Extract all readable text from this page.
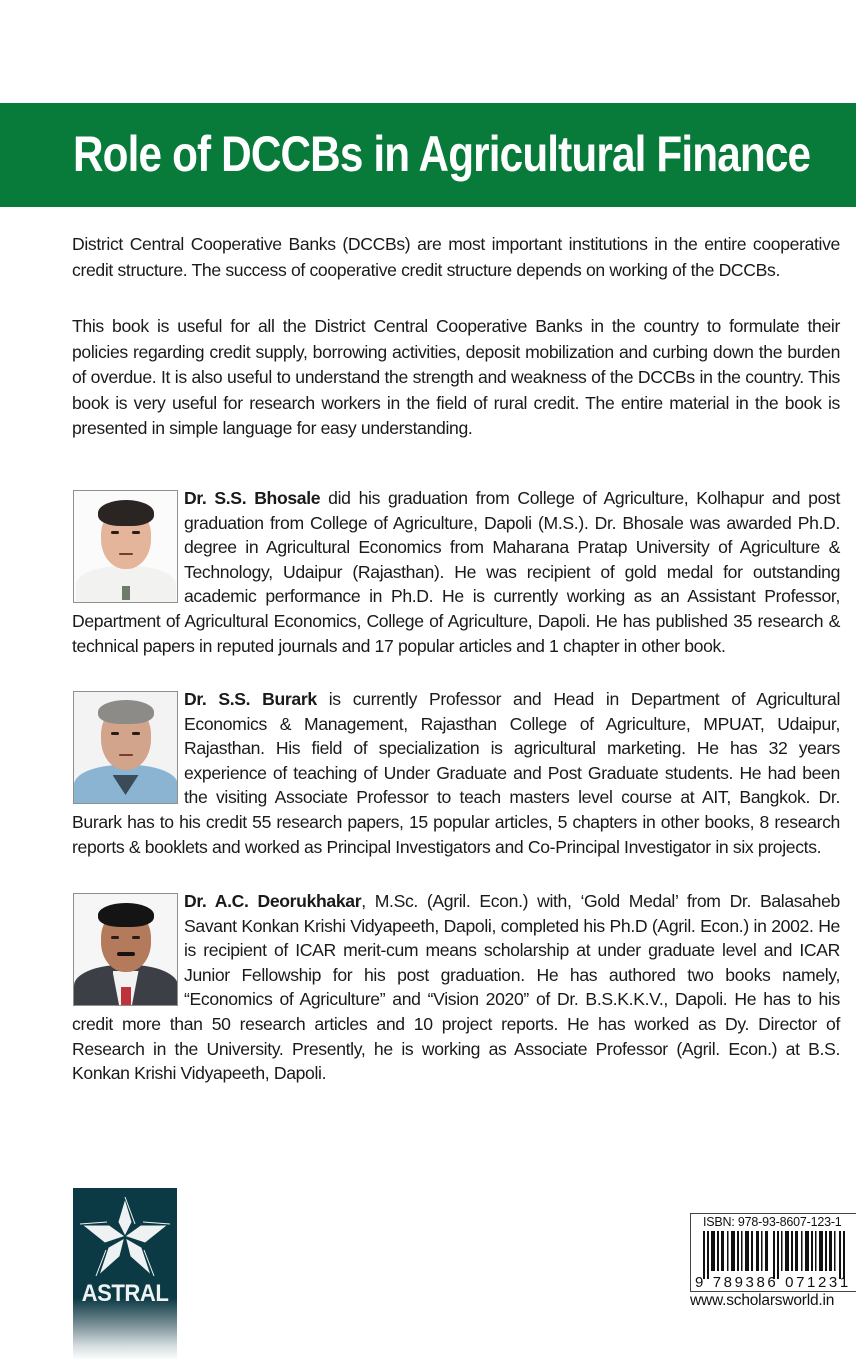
Role of DCCBs in Agricultural Finance

District Central Cooperative Banks (DCCBs) are most important institutions in the entire cooperative credit structure. The success of cooperative credit structure depends on working of the DCCBs.

This book is useful for all the District Central Cooperative Banks in the country to formulate their policies regarding credit supply, borrowing activities, deposit mobilization and curbing down the burden of overdue. It is also useful to understand the strength and weakness of the DCCBs in the country. This book is very useful for research workers in the field of rural credit. The entire material in the book is presented in simple language for easy understanding.

Dr. S.S. Bhosale did his graduation from College of Agriculture, Kolhapur and post graduation from College of Agriculture, Dapoli (M.S.). Dr. Bhosale was awarded Ph.D. degree in Agricultural Economics from Maharana Pratap University of Agriculture & Technology, Udaipur (Rajasthan). He was recipient of gold medal for outstanding academic performance in Ph.D. He is currently working as an Assistant Professor, Department of Agricultural Economics, College of Agriculture, Dapoli. He has published 35 research & technical papers in reputed journals and 17 popular articles and 1 chapter in other book.
Dr. S.S. Burark is currently Professor and Head in Department of Agricultural Economics & Management, Rajasthan College of Agriculture, MPUAT, Udaipur, Rajasthan. His field of specialization is agricultural marketing. He has 32 years experience of teaching of Under Graduate and Post Graduate students. He had been the visiting Associate Professor to teach masters level course at AIT, Bangkok. Dr. Burark has to his credit 55 research papers, 15 popular articles, 5 chapters in other books, 8 research reports & booklets and worked as Principal Investigators and Co-Principal Investigator in six projects.
Dr. A.C. Deorukhakar, M.Sc. (Agril. Econ.) with, ‘Gold Medal’ from Dr. Balasaheb Savant Konkan Krishi Vidyapeeth, Dapoli, completed his Ph.D (Agril. Econ.) in 2002. He is recipient of ICAR merit-cum means scholarship at under graduate level and ICAR Junior Fellowship for his post graduation. He has authored two books namely, “Economics of Agriculture” and “Vision 2020” of Dr. B.S.K.K.V., Dapoli. He has to his credit more than 50 research articles and 10 project reports. He has worked as Dy. Director of Research in the University. Presently, he is working as Associate Professor (Agril. Econ.) at B.S. Konkan Krishi Vidyapeeth, Dapoli.
ASTRAL
ISBN: 978-93-8607-123-1
9 789386 071231
www.scholarsworld.in
